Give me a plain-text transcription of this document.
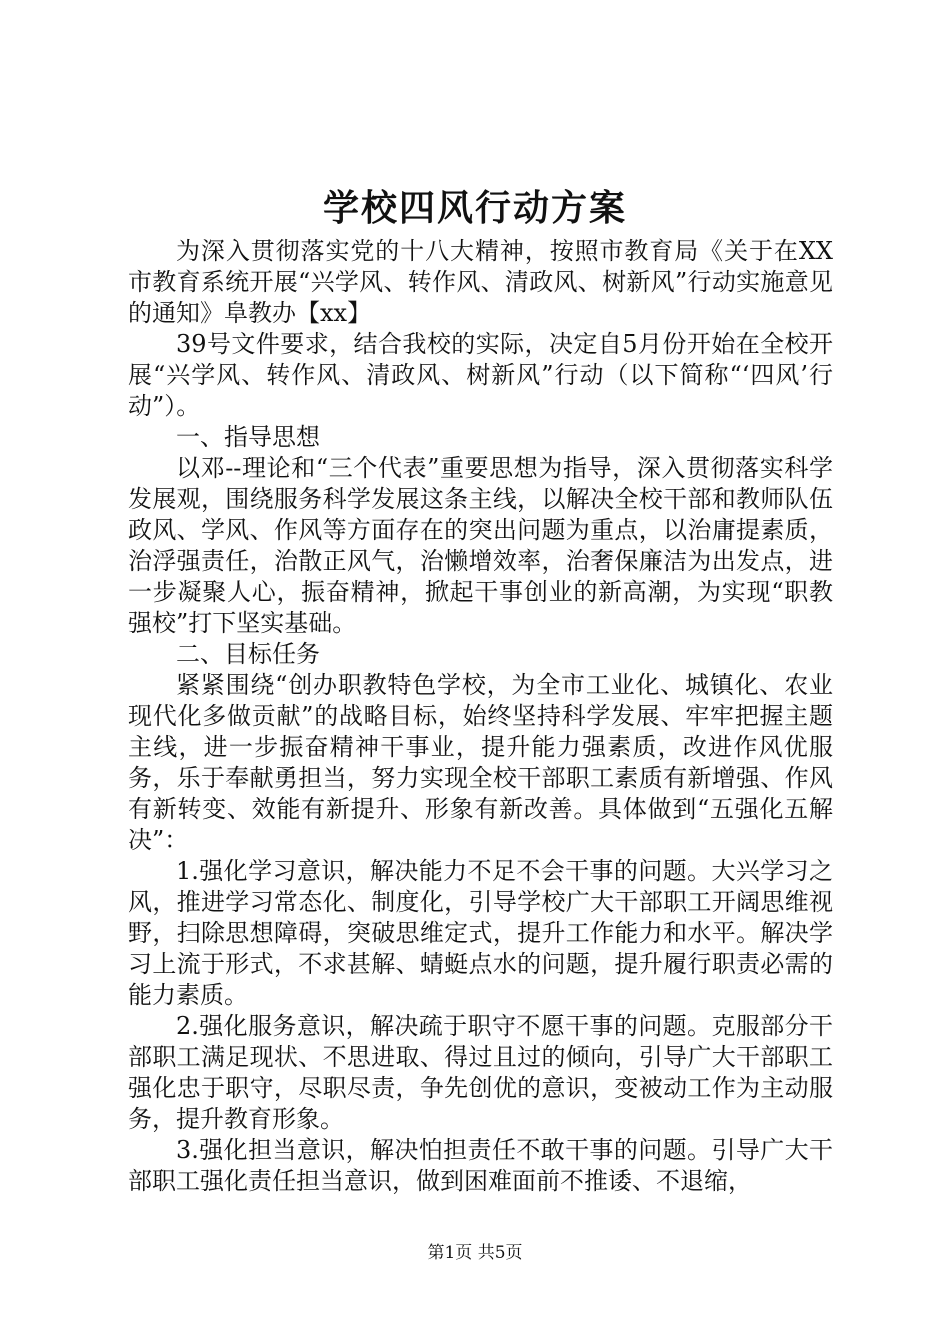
学校四风行动方案

为深入贯彻落实党的十八大精神，按照市教育局《关于在XX市教育系统开展“兴学风、转作风、清政风、树新风”行动实施意见的通知》阜教办【xx】

39号文件要求，结合我校的实际，决定自5月份开始在全校开展“兴学风、转作风、清政风、树新风”行动（以下简称“‘四风’行动”）。

一、指导思想

以邓--理论和“三个代表”重要思想为指导，深入贯彻落实科学发展观，围绕服务科学发展这条主线，以解决全校干部和教师队伍政风、学风、作风等方面存在的突出问题为重点，以治庸提素质，治浮强责任，治散正风气，治懒增效率，治奢保廉洁为出发点，进一步凝聚人心，振奋精神，掀起干事创业的新高潮，为实现“职教强校”打下坚实基础。

二、目标任务

紧紧围绕“创办职教特色学校，为全市工业化、城镇化、农业现代化多做贡献”的战略目标，始终坚持科学发展、牢牢把握主题主线，进一步振奋精神干事业，提升能力强素质，改进作风优服务，乐于奉献勇担当，努力实现全校干部职工素质有新增强、作风有新转变、效能有新提升、形象有新改善。具体做到“五强化五解决”：

1.强化学习意识，解决能力不足不会干事的问题。大兴学习之风，推进学习常态化、制度化，引导学校广大干部职工开阔思维视野，扫除思想障碍，突破思维定式，提升工作能力和水平。解决学习上流于形式，不求甚解、蜻蜓点水的问题，提升履行职责必需的能力素质。

2.强化服务意识，解决疏于职守不愿干事的问题。克服部分干部职工满足现状、不思进取、得过且过的倾向，引导广大干部职工强化忠于职守，尽职尽责，争先创优的意识，变被动工作为主动服务，提升教育形象。

3.强化担当意识，解决怕担责任不敢干事的问题。引导广大干部职工强化责任担当意识，做到困难面前不推诿、不退缩，

第1页 共5页
